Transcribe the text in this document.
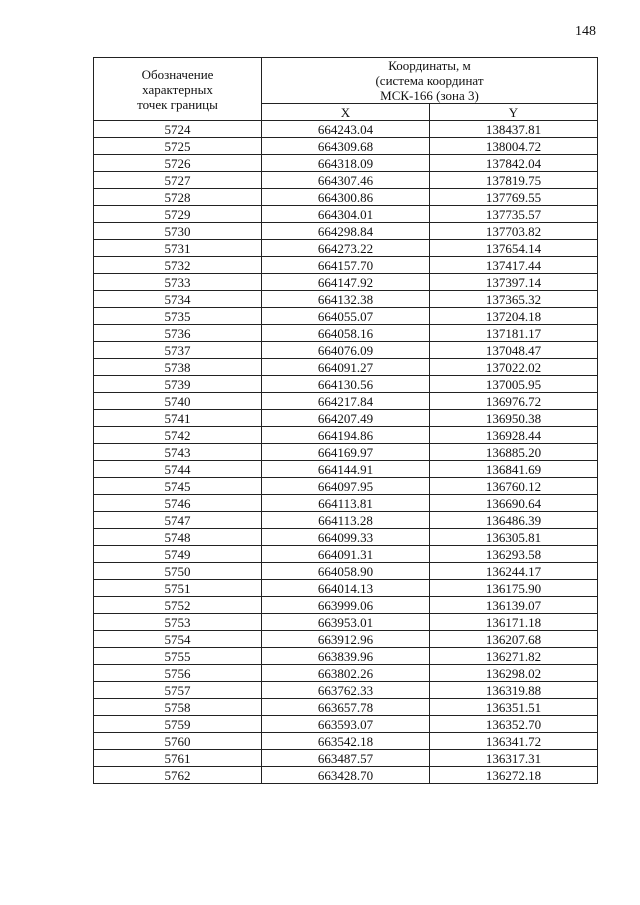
148
Обозначение
характерных
точек границы	Координаты, м
(система координат
МСК-166 (зона 3)	

	X	Y
5724	664243.04	138437.81
5725	664309.68	138004.72
5726	664318.09	137842.04
5727	664307.46	137819.75
5728	664300.86	137769.55
5729	664304.01	137735.57
5730	664298.84	137703.82
5731	664273.22	137654.14
5732	664157.70	137417.44
5733	664147.92	137397.14
5734	664132.38	137365.32
5735	664055.07	137204.18
5736	664058.16	137181.17
5737	664076.09	137048.47
5738	664091.27	137022.02
5739	664130.56	137005.95
5740	664217.84	136976.72
5741	664207.49	136950.38
5742	664194.86	136928.44
5743	664169.97	136885.20
5744	664144.91	136841.69
5745	664097.95	136760.12
5746	664113.81	136690.64
5747	664113.28	136486.39
5748	664099.33	136305.81
5749	664091.31	136293.58
5750	664058.90	136244.17
5751	664014.13	136175.90
5752	663999.06	136139.07
5753	663953.01	136171.18
5754	663912.96	136207.68
5755	663839.96	136271.82
5756	663802.26	136298.02
5757	663762.33	136319.88
5758	663657.78	136351.51
5759	663593.07	136352.70
5760	663542.18	136341.72
5761	663487.57	136317.31
5762	663428.70	136272.18
